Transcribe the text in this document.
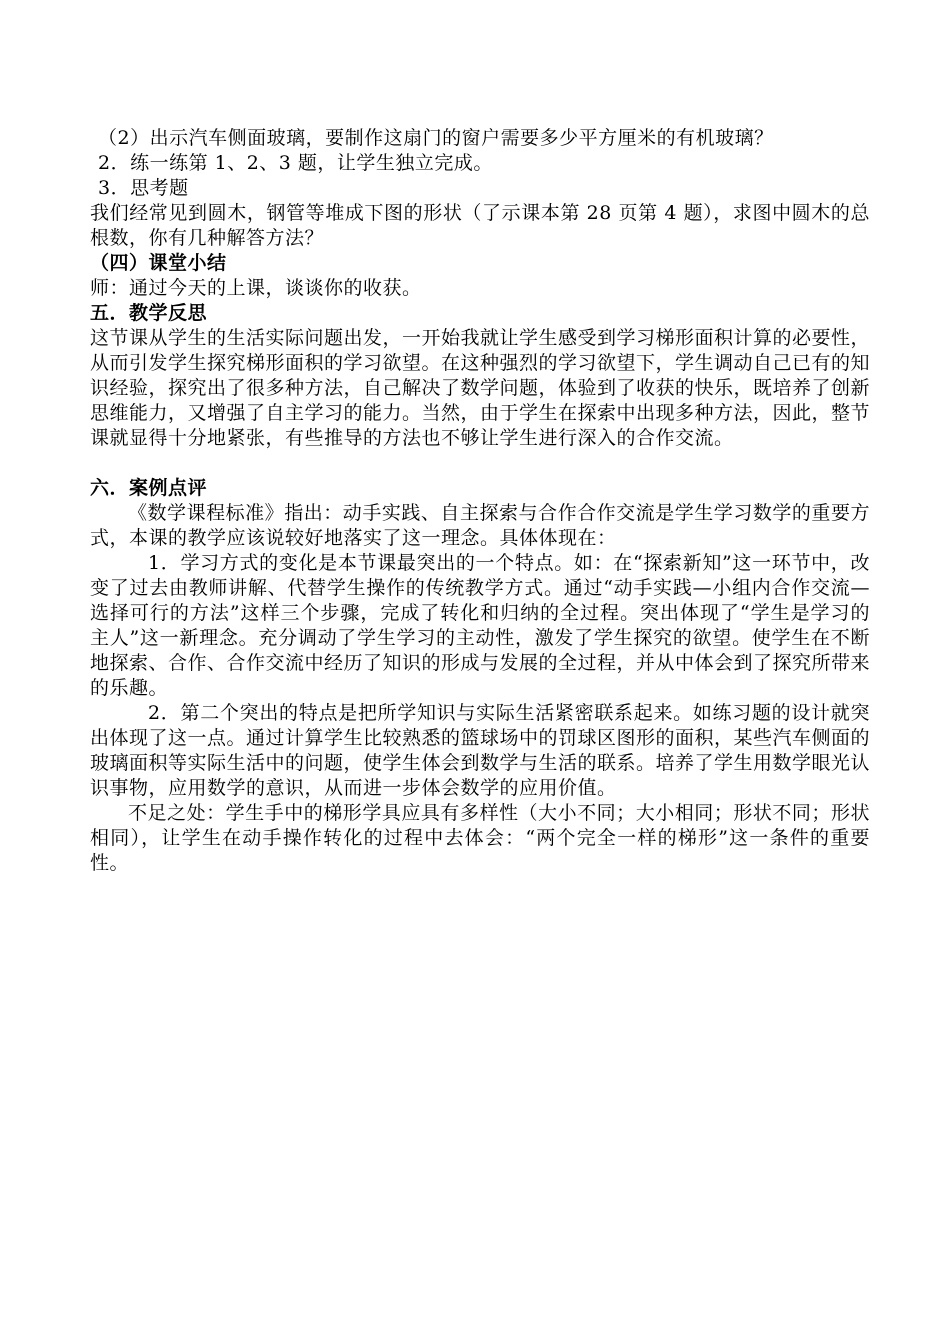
（2）出示汽车侧面玻璃，要制作这扇门的窗户需要多少平方厘米的有机玻璃？

2．练一练第 1、2、3 题，让学生独立完成。

3．思考题

我们经常见到圆木，钢管等堆成下图的形状（了示课本第 28 页第 4 题），求图中圆木的总根数，你有几种解答方法？

（四）课堂小结

师：通过今天的上课，谈谈你的收获。

五．教学反思

这节课从学生的生活实际问题出发，一开始我就让学生感受到学习梯形面积计算的必要性，从而引发学生探究梯形面积的学习欲望。在这种强烈的学习欲望下，学生调动自己已有的知识经验，探究出了很多种方法，自己解决了数学问题，体验到了收获的快乐，既培养了创新思维能力，又增强了自主学习的能力。当然，由于学生在探索中出现多种方法，因此，整节课就显得十分地紧张，有些推导的方法也不够让学生进行深入的合作交流。

六．案例点评

《数学课程标准》指出：动手实践、自主探索与合作合作交流是学生学习数学的重要方式，本课的教学应该说较好地落实了这一理念。具体体现在：

1．学习方式的变化是本节课最突出的一个特点。如：在“探索新知”这一环节中，改变了过去由教师讲解、代替学生操作的传统教学方式。通过“动手实践—小组内合作交流—选择可行的方法”这样三个步骤，完成了转化和归纳的全过程。突出体现了“学生是学习的主人”这一新理念。充分调动了学生学习的主动性，激发了学生探究的欲望。使学生在不断地探索、合作、合作交流中经历了知识的形成与发展的全过程，并从中体会到了探究所带来的乐趣。

2．第二个突出的特点是把所学知识与实际生活紧密联系起来。如练习题的设计就突出体现了这一点。通过计算学生比较熟悉的篮球场中的罚球区图形的面积，某些汽车侧面的玻璃面积等实际生活中的问题，使学生体会到数学与生活的联系。培养了学生用数学眼光认识事物，应用数学的意识，从而进一步体会数学的应用价值。

不足之处：学生手中的梯形学具应具有多样性（大小不同；大小相同；形状不同；形状相同），让学生在动手操作转化的过程中去体会：“两个完全一样的梯形”这一条件的重要性。
